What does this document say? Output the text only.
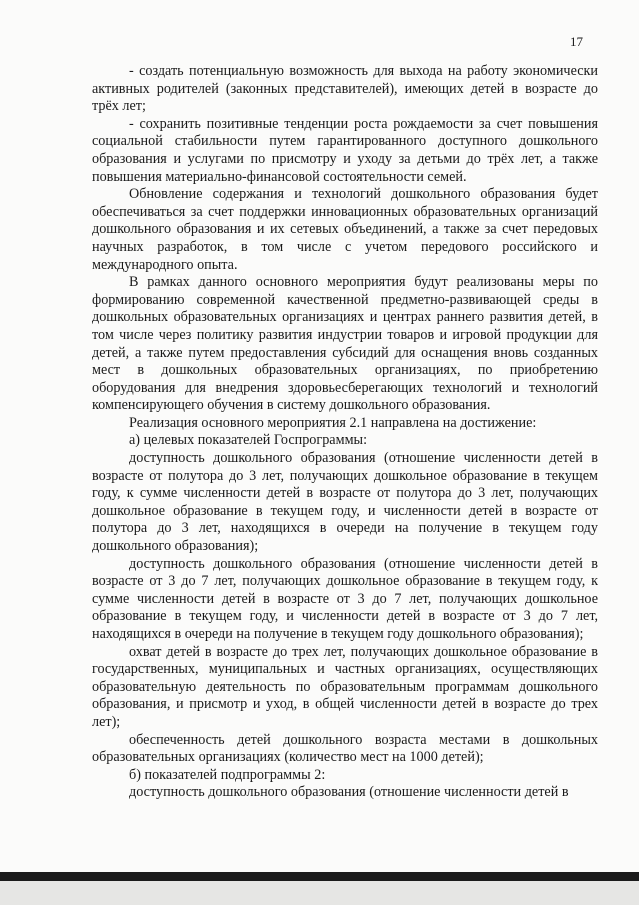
17

- создать потенциальную возможность для выхода на работу экономически активных родителей (законных представителей), имеющих детей в возрасте до трёх лет;

- сохранить позитивные тенденции роста рождаемости за счет повышения социальной стабильности путем гарантированного доступного дошкольного образования и услугами по присмотру и уходу за детьми до трёх лет, а также повышения материально-финансовой состоятельности семей.

Обновление содержания и технологий дошкольного образования будет обеспечиваться за счет поддержки инновационных образовательных организаций дошкольного образования и их сетевых объединений, а также за счет передовых научных разработок, в том числе с учетом передового российского и международного опыта.

В рамках данного основного мероприятия будут реализованы меры по формированию современной качественной предметно-развивающей среды в дошкольных образовательных организациях и центрах раннего развития детей, в том числе через политику развития индустрии товаров и игровой продукции для детей, а также путем предоставления субсидий для оснащения вновь созданных мест в дошкольных образовательных организациях, по приобретению оборудования для внедрения здоровьесберегающих технологий и технологий компенсирующего обучения в систему дошкольного образования.

Реализация основного мероприятия 2.1 направлена на достижение:

а) целевых показателей Госпрограммы:

доступность дошкольного образования (отношение численности детей в возрасте от полутора до 3 лет, получающих дошкольное образование в текущем году, к сумме численности детей в возрасте от полутора до 3 лет, получающих дошкольное образование в текущем году, и численности детей в возрасте от полутора до 3 лет, находящихся в очереди на получение в текущем году дошкольного образования);

доступность дошкольного образования (отношение численности детей в возрасте от 3 до 7 лет, получающих дошкольное образование в текущем году, к сумме численности детей в возрасте от 3 до 7 лет, получающих дошкольное образование в текущем году, и численности детей в возрасте от 3 до 7 лет, находящихся в очереди на получение в текущем году дошкольного образования);

охват детей в возрасте до трех лет, получающих дошкольное образование в государственных, муниципальных и частных организациях, осуществляющих образовательную деятельность по образовательным программам дошкольного образования, и присмотр и уход, в общей численности детей в возрасте до трех лет);

обеспеченность детей дошкольного возраста местами в дошкольных образовательных организациях (количество мест на 1000 детей);

б) показателей подпрограммы 2:

доступность дошкольного образования (отношение численности детей в
